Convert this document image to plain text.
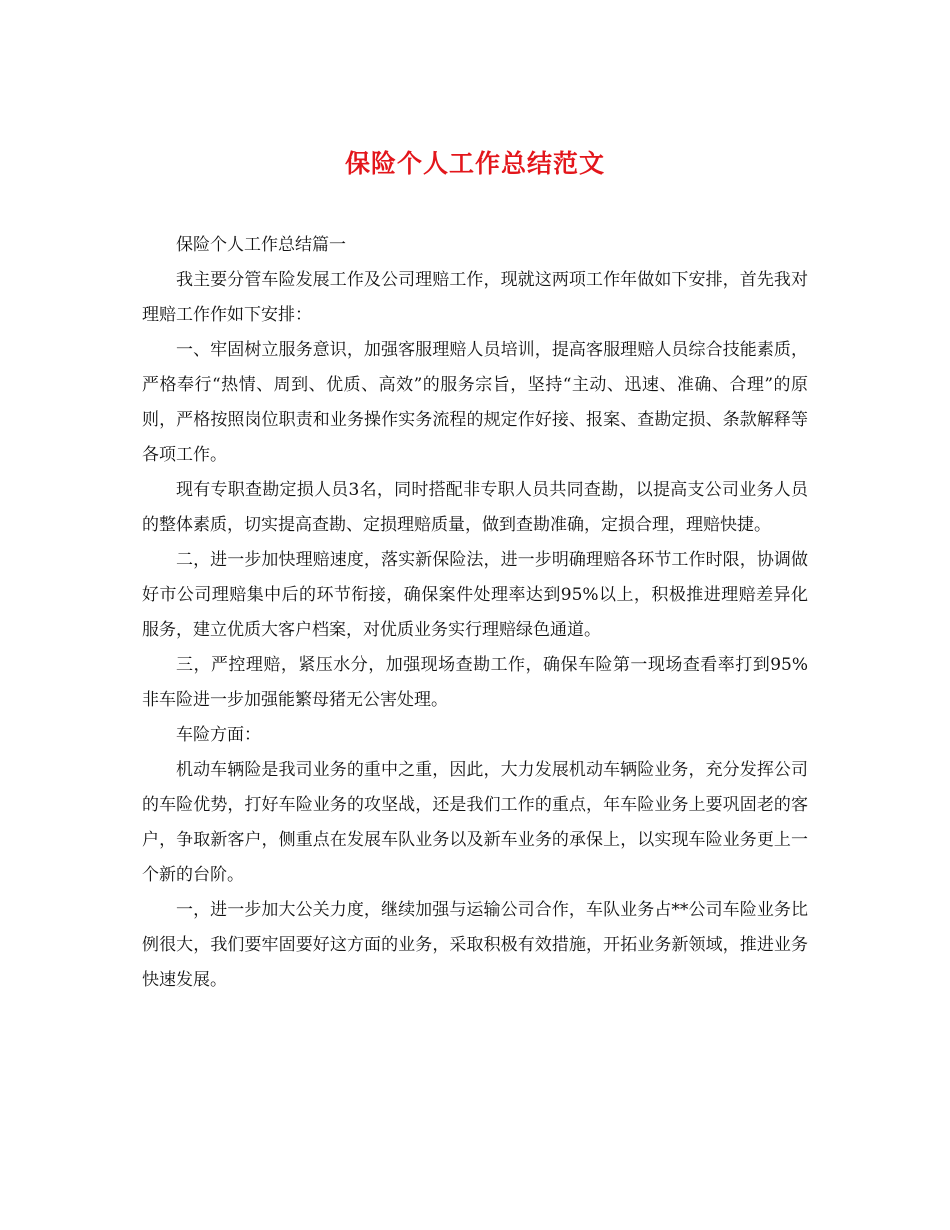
保险个人工作总结范文

保险个人工作总结篇一

我主要分管车险发展工作及公司理赔工作，现就这两项工作年做如下安排，首先我对理赔工作作如下安排：

一、牢固树立服务意识，加强客服理赔人员培训，提高客服理赔人员综合技能素质，严格奉行“热情、周到、优质、高效”的服务宗旨，坚持“主动、迅速、准确、合理”的原则，严格按照岗位职责和业务操作实务流程的规定作好接、报案、查勘定损、条款解释等各项工作。

现有专职查勘定损人员3名，同时搭配非专职人员共同查勘，以提高支公司业务人员的整体素质，切实提高查勘、定损理赔质量，做到查勘准确，定损合理，理赔快捷。

二，进一步加快理赔速度，落实新保险法，进一步明确理赔各环节工作时限，协调做好市公司理赔集中后的环节衔接，确保案件处理率达到95%以上，积极推进理赔差异化服务，建立优质大客户档案，对优质业务实行理赔绿色通道。

三，严控理赔，紧压水分，加强现场查勘工作，确保车险第一现场查看率打到95%非车险进一步加强能繁母猪无公害处理。

车险方面：

机动车辆险是我司业务的重中之重，因此，大力发展机动车辆险业务，充分发挥公司的车险优势，打好车险业务的攻坚战，还是我们工作的重点，年车险业务上要巩固老的客户，争取新客户，侧重点在发展车队业务以及新车业务的承保上，以实现车险业务更上一个新的台阶。

一，进一步加大公关力度，继续加强与运输公司合作，车队业务占**公司车险业务比例很大，我们要牢固要好这方面的业务，采取积极有效措施，开拓业务新领域，推进业务快速发展。
